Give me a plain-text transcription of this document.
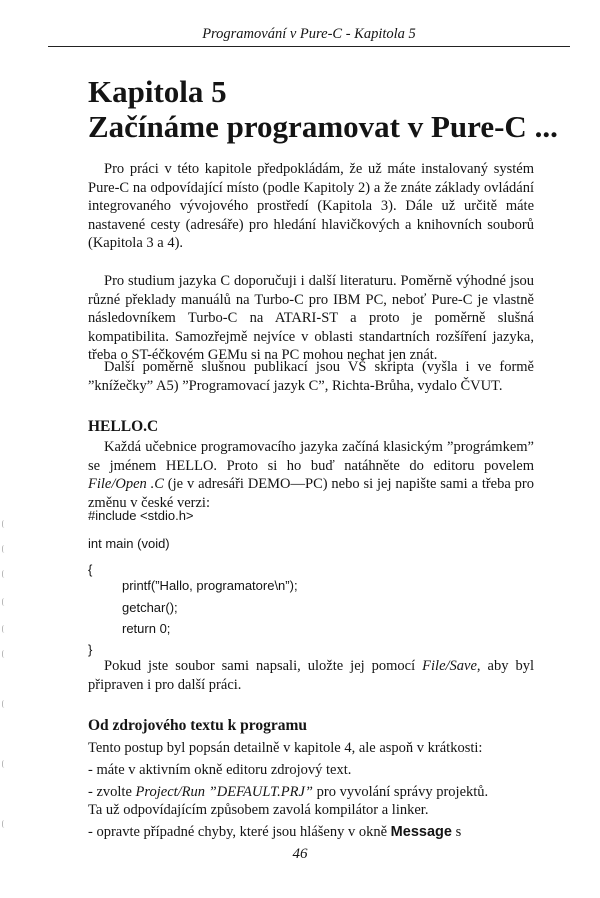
Programování v Pure-C - Kapitola 5
Kapitola 5
Začínáme programovat v Pure-C ...

Pro práci v této kapitole předpokládám, že už máte instalovaný systém Pure-C na odpovídající místo (podle Kapitoly 2) a že znáte základy ovládání integrovaného vývojového prostředí (Kapitola 3). Dále už určitě máte nastavené cesty (adresáře) pro hledání hlavičkových a knihovních souborů (Kapitola 3 a 4).

Pro studium jazyka C doporučuji i další literaturu. Poměrně výhodné jsou různé překlady manuálů na Turbo-C pro IBM PC, neboť Pure-C je vlastně následovníkem Turbo-C na ATARI-ST a proto je poměrně slušná kompatibilita. Samozřejmě nejvíce v oblasti standartních rozšíření jazyka, třeba o ST-éčkovém GEMu si na PC mohou nechat jen znát.

Další poměrně slušnou publikací jsou VŠ skripta (vyšla i ve formě ”knížečky” A5) ”Programovací jazyk C”, Richta-Brůha, vydalo ČVUT.

HELLO.C

Každá učebnice programovacího jazyka začíná klasickým ”prográmkem” se jménem HELLO. Proto si ho buď natáhněte do editoru povelem File/Open .C (je v adresáři DEMO—PC) nebo si jej napište sami a třeba pro změnu v české verzi:

#include <stdio.h>
int main (void)
{
printf(”Hallo, programatore\n”);
getchar();
return 0;
}

Pokud jste soubor sami napsali, uložte jej pomocí File/Save, aby byl připraven i pro další práci.

Od zdrojového textu k programu
Tento postup byl popsán detailně v kapitole 4, ale aspoň v krátkosti:
- máte v aktivním okně editoru zdrojový text.
- zvolte Project/Run ”DEFAULT.PRJ” pro vyvolání správy projektů.
Ta už odpovídajícím způsobem zavolá kompilátor a linker.
- opravte případné chyby, které jsou hlášeny v okně Message s
46
